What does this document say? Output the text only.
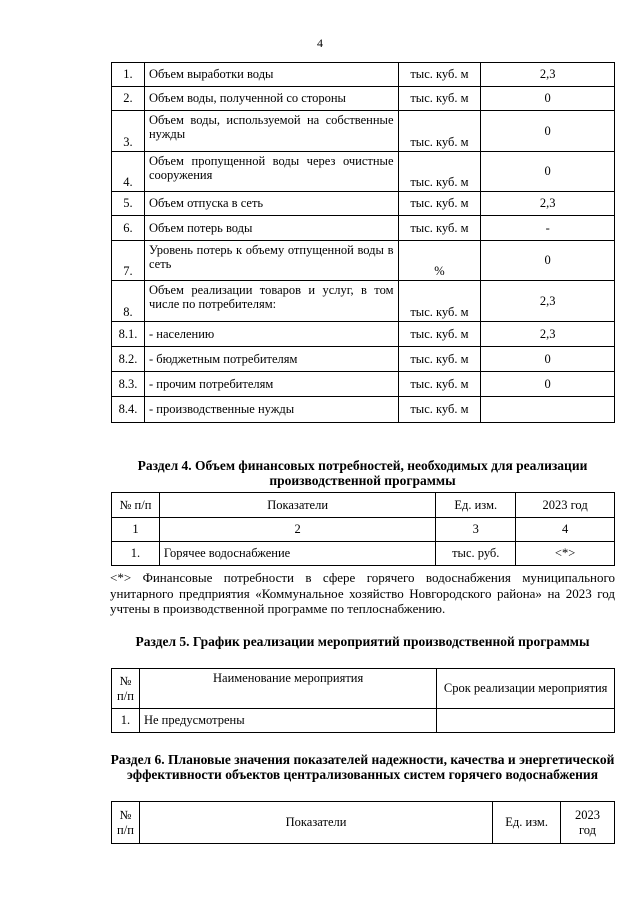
4
1.	Объем выработки воды	тыс. куб. м	2,3
2.	Объем воды, полученной со стороны	тыс. куб. м	0
3.	Объем воды, используемой на собственные нужды	тыс. куб. м	0
4.	Объем пропущенной воды через очистные сооружения	тыс. куб. м	0
5.	Объем отпуска в сеть	тыс. куб. м	2,3
6.	Объем потерь воды	тыс. куб. м	-
7.	Уровень потерь к объему отпущенной воды в сеть	%	0
8.	Объем реализации товаров и услуг, в том числе по потребителям:	тыс. куб. м	2,3
8.1.	- населению	тыс. куб. м	2,3
8.2.	- бюджетным потребителям	тыс. куб. м	0
8.3.	- прочим потребителям	тыс. куб. м	0
8.4.	- производственные нужды	тыс. куб. м	
Раздел 4. Объем финансовых потребностей, необходимых для реализации производственной программы
№ п/п	Показатели	Ед. изм.	2023 год
1	2	3	4
1.	Горячее водоснабжение	тыс. руб.	<*>
<*> Финансовые потребности в сфере горячего водоснабжения муниципального унитарного предприятия «Коммунальное хозяйство Новгородского района» на 2023 год учтены в производственной программе по теплоснабжению.
Раздел 5. График реализации мероприятий производственной программы
№ п/п	Наименование мероприятия	Срок реализации мероприятия
1.	Не предусмотрены	
Раздел 6. Плановые значения показателей надежности, качества и энергетической эффективности объектов централизованных систем горячего водоснабжения
№ п/п	Показатели	Ед. изм.	2023 год
